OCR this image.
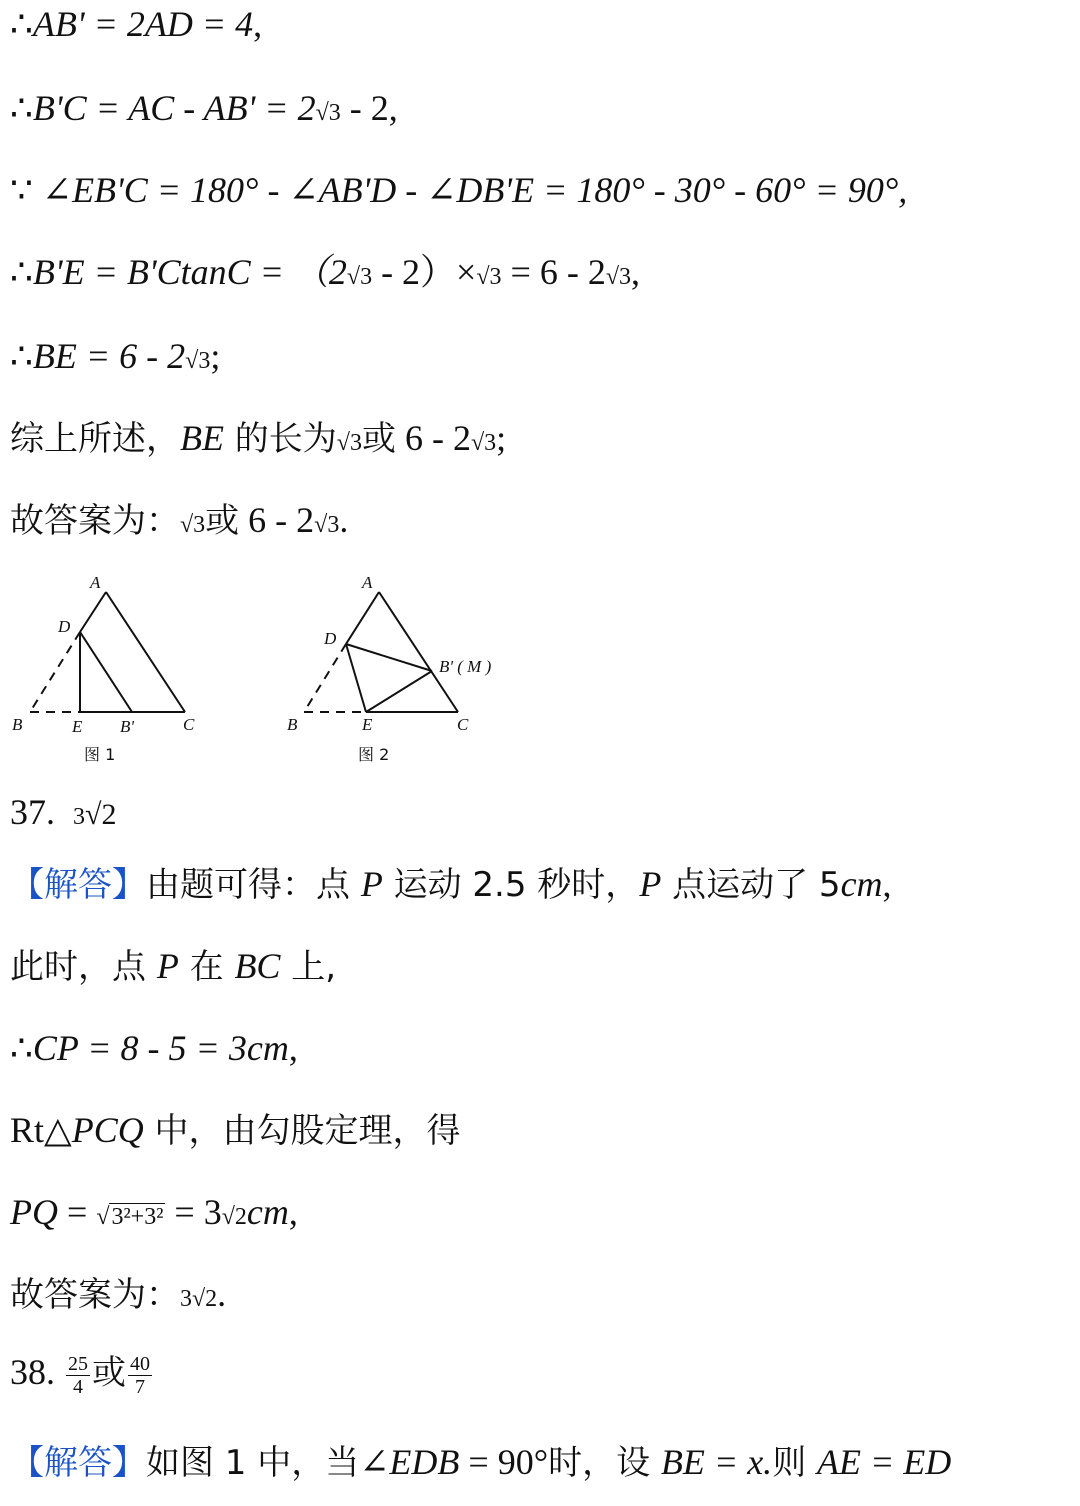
∴AB' = 2AD = 4,
∴B'C = AC - AB' = 2√3 - 2,
∵ ∠EB'C = 180° - ∠AB'D - ∠DB'E = 180° - 30° - 60° = 90°,
∴B'E = B'CtanC = （2√3 - 2）×√3 = 6 - 2√3,
∴BE = 6 - 2√3;
综上所述，BE 的长为√3或 6 - 2√3;
故答案为：√3或 6 - 2√3.
A
D
B	E B'	C
图 1
A
D
B	E
B' ( M )
C
图 2
37. 3√2
【解答】由题可得：点 P 运动 2.5 秒时，P 点运动了 5cm,
此时，点 P 在 BC 上,
∴CP = 8 - 5 = 3cm,
Rt△PCQ 中，由勾股定理，得
PQ = √3²+3² = 3√2cm,
故答案为：3√2.
38. $\frac{25}{4}$ 或 $\frac{40}{7}$
【解答】如图 1 中，当∠EDB = 90°时，设 BE = x.则 AE = ED
